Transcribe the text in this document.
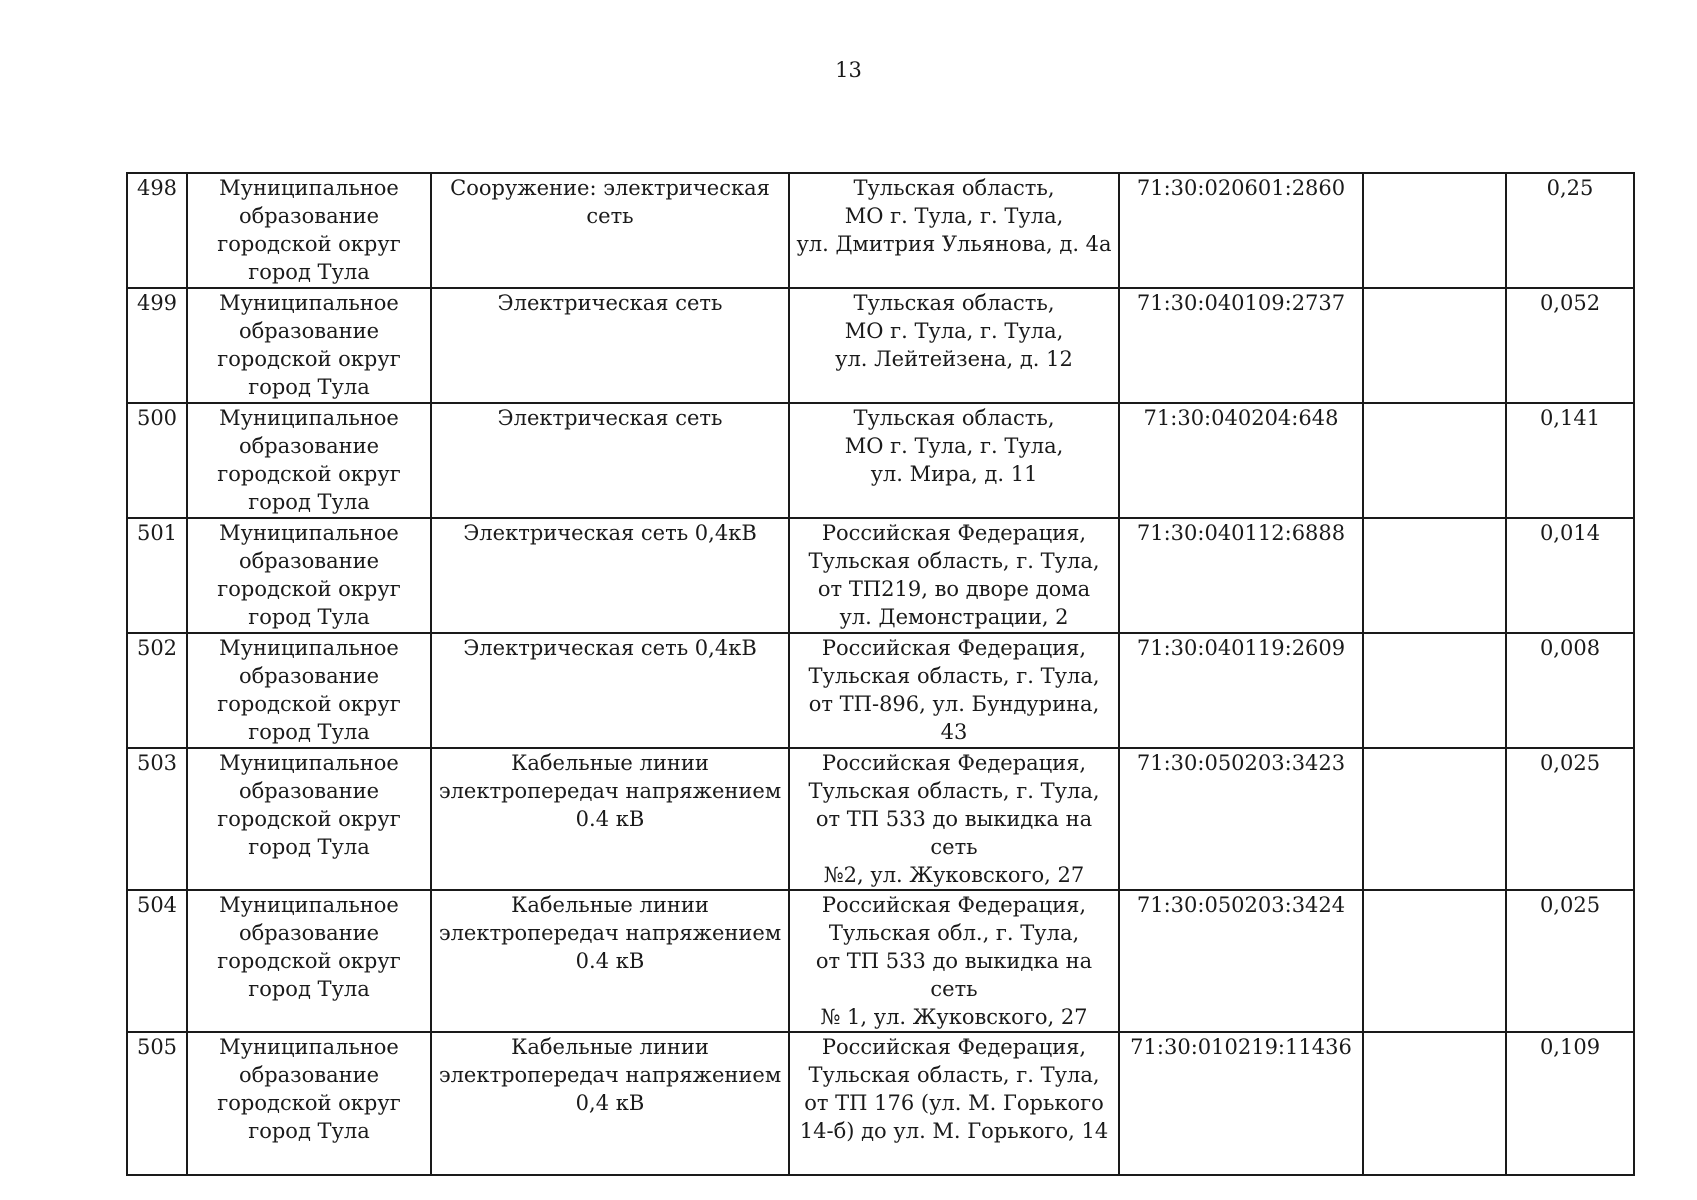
13
498	Муниципальное
образование
городской округ
город Тула	Сооружение: электрическая
сеть	Тульская область,
МО г. Тула, г. Тула,
ул. Дмитрия Ульянова, д. 4а	71:30:020601:2860		0,25
499	Муниципальное
образование
городской округ
город Тула	Электрическая сеть	Тульская область,
МО г. Тула, г. Тула,
ул. Лейтейзена, д. 12	71:30:040109:2737		0,052
500	Муниципальное
образование
городской округ
город Тула	Электрическая сеть	Тульская область,
МО г. Тула, г. Тула,
ул. Мира, д. 11	71:30:040204:648		0,141
501	Муниципальное
образование
городской округ
город Тула	Электрическая сеть 0,4кВ	Российская Федерация,
Тульская область, г. Тула,
от ТП219, во дворе дома
ул. Демонстрации, 2	71:30:040112:6888		0,014
502	Муниципальное
образование
городской округ
город Тула	Электрическая сеть 0,4кВ	Российская Федерация,
Тульская область, г. Тула,
от ТП-896, ул. Бундурина, 43	71:30:040119:2609		0,008
503	Муниципальное
образование
городской округ
город Тула	Кабельные линии
электропередач напряжением
0.4 кВ	Российская Федерация,
Тульская область, г. Тула,
от ТП 533 до выкидка на сеть
№2, ул. Жуковского, 27	71:30:050203:3423		0,025
504	Муниципальное
образование
городской округ
город Тула	Кабельные линии
электропередач напряжением
0.4 кВ	Российская Федерация,
Тульская обл., г. Тула,
от ТП 533 до выкидка на сеть
№ 1, ул. Жуковского, 27	71:30:050203:3424		0,025
505	Муниципальное
образование
городской округ
город Тула	Кабельные линии
электропередач напряжением
0,4 кВ	Российская Федерация,
Тульская область, г. Тула,
от ТП 176 (ул. М. Горького
14-б) до ул. М. Горького, 14	71:30:010219:11436		0,109
